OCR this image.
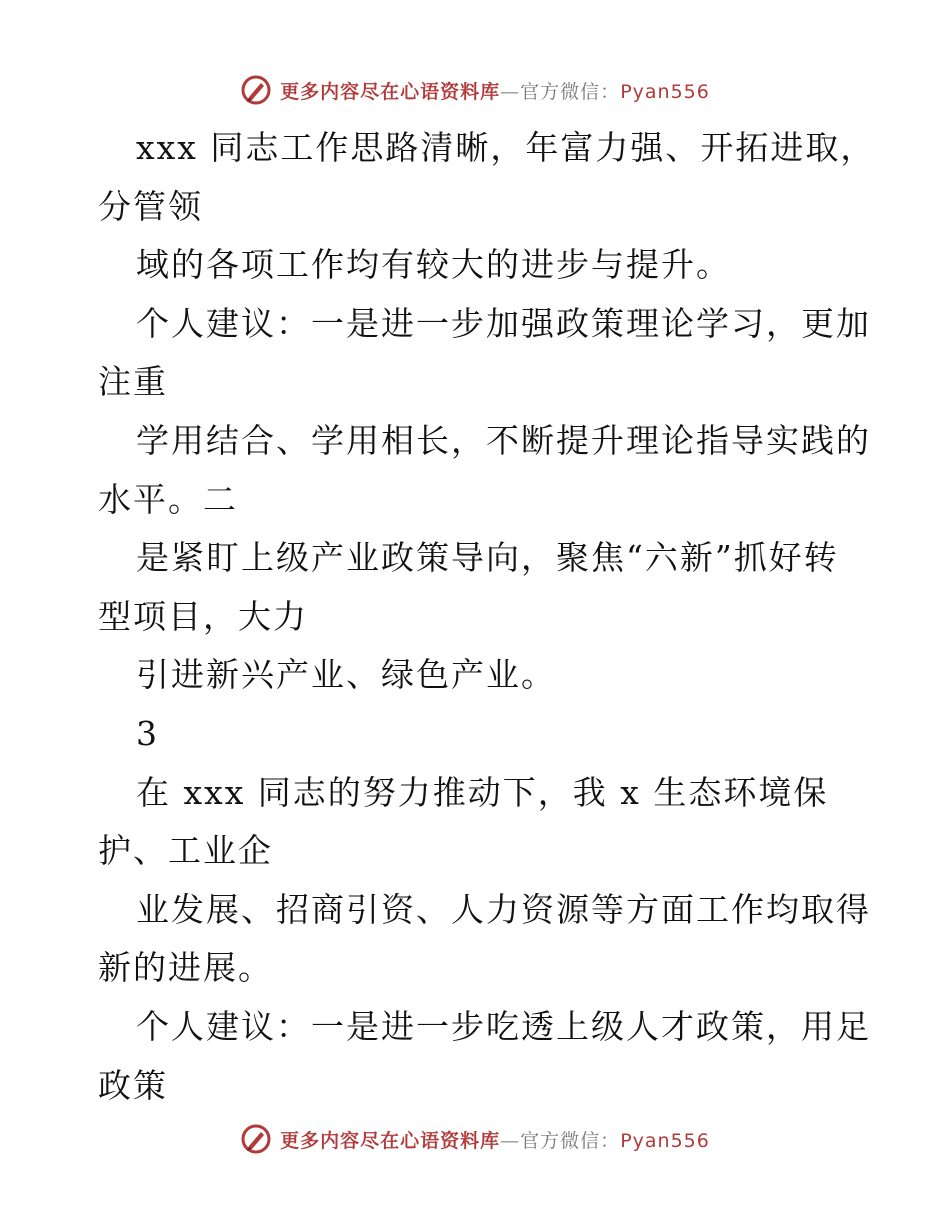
更多内容尽在心语资料库—官方微信：Pyan556
xxx 同志工作思路清晰，年富力强、开拓进取，
分管领
域的各项工作均有较大的进步与提升。
个人建议：一是进一步加强政策理论学习，更加
注重
学用结合、学用相长，不断提升理论指导实践的
水平。二
是紧盯上级产业政策导向，聚焦“六新”抓好转
型项目，大力
引进新兴产业、绿色产业。
3
在 xxx 同志的努力推动下，我 x 生态环境保
护、工业企
业发展、招商引资、人力资源等方面工作均取得
新的进展。
个人建议：一是进一步吃透上级人才政策，用足
政策
更多内容尽在心语资料库—官方微信：Pyan556
